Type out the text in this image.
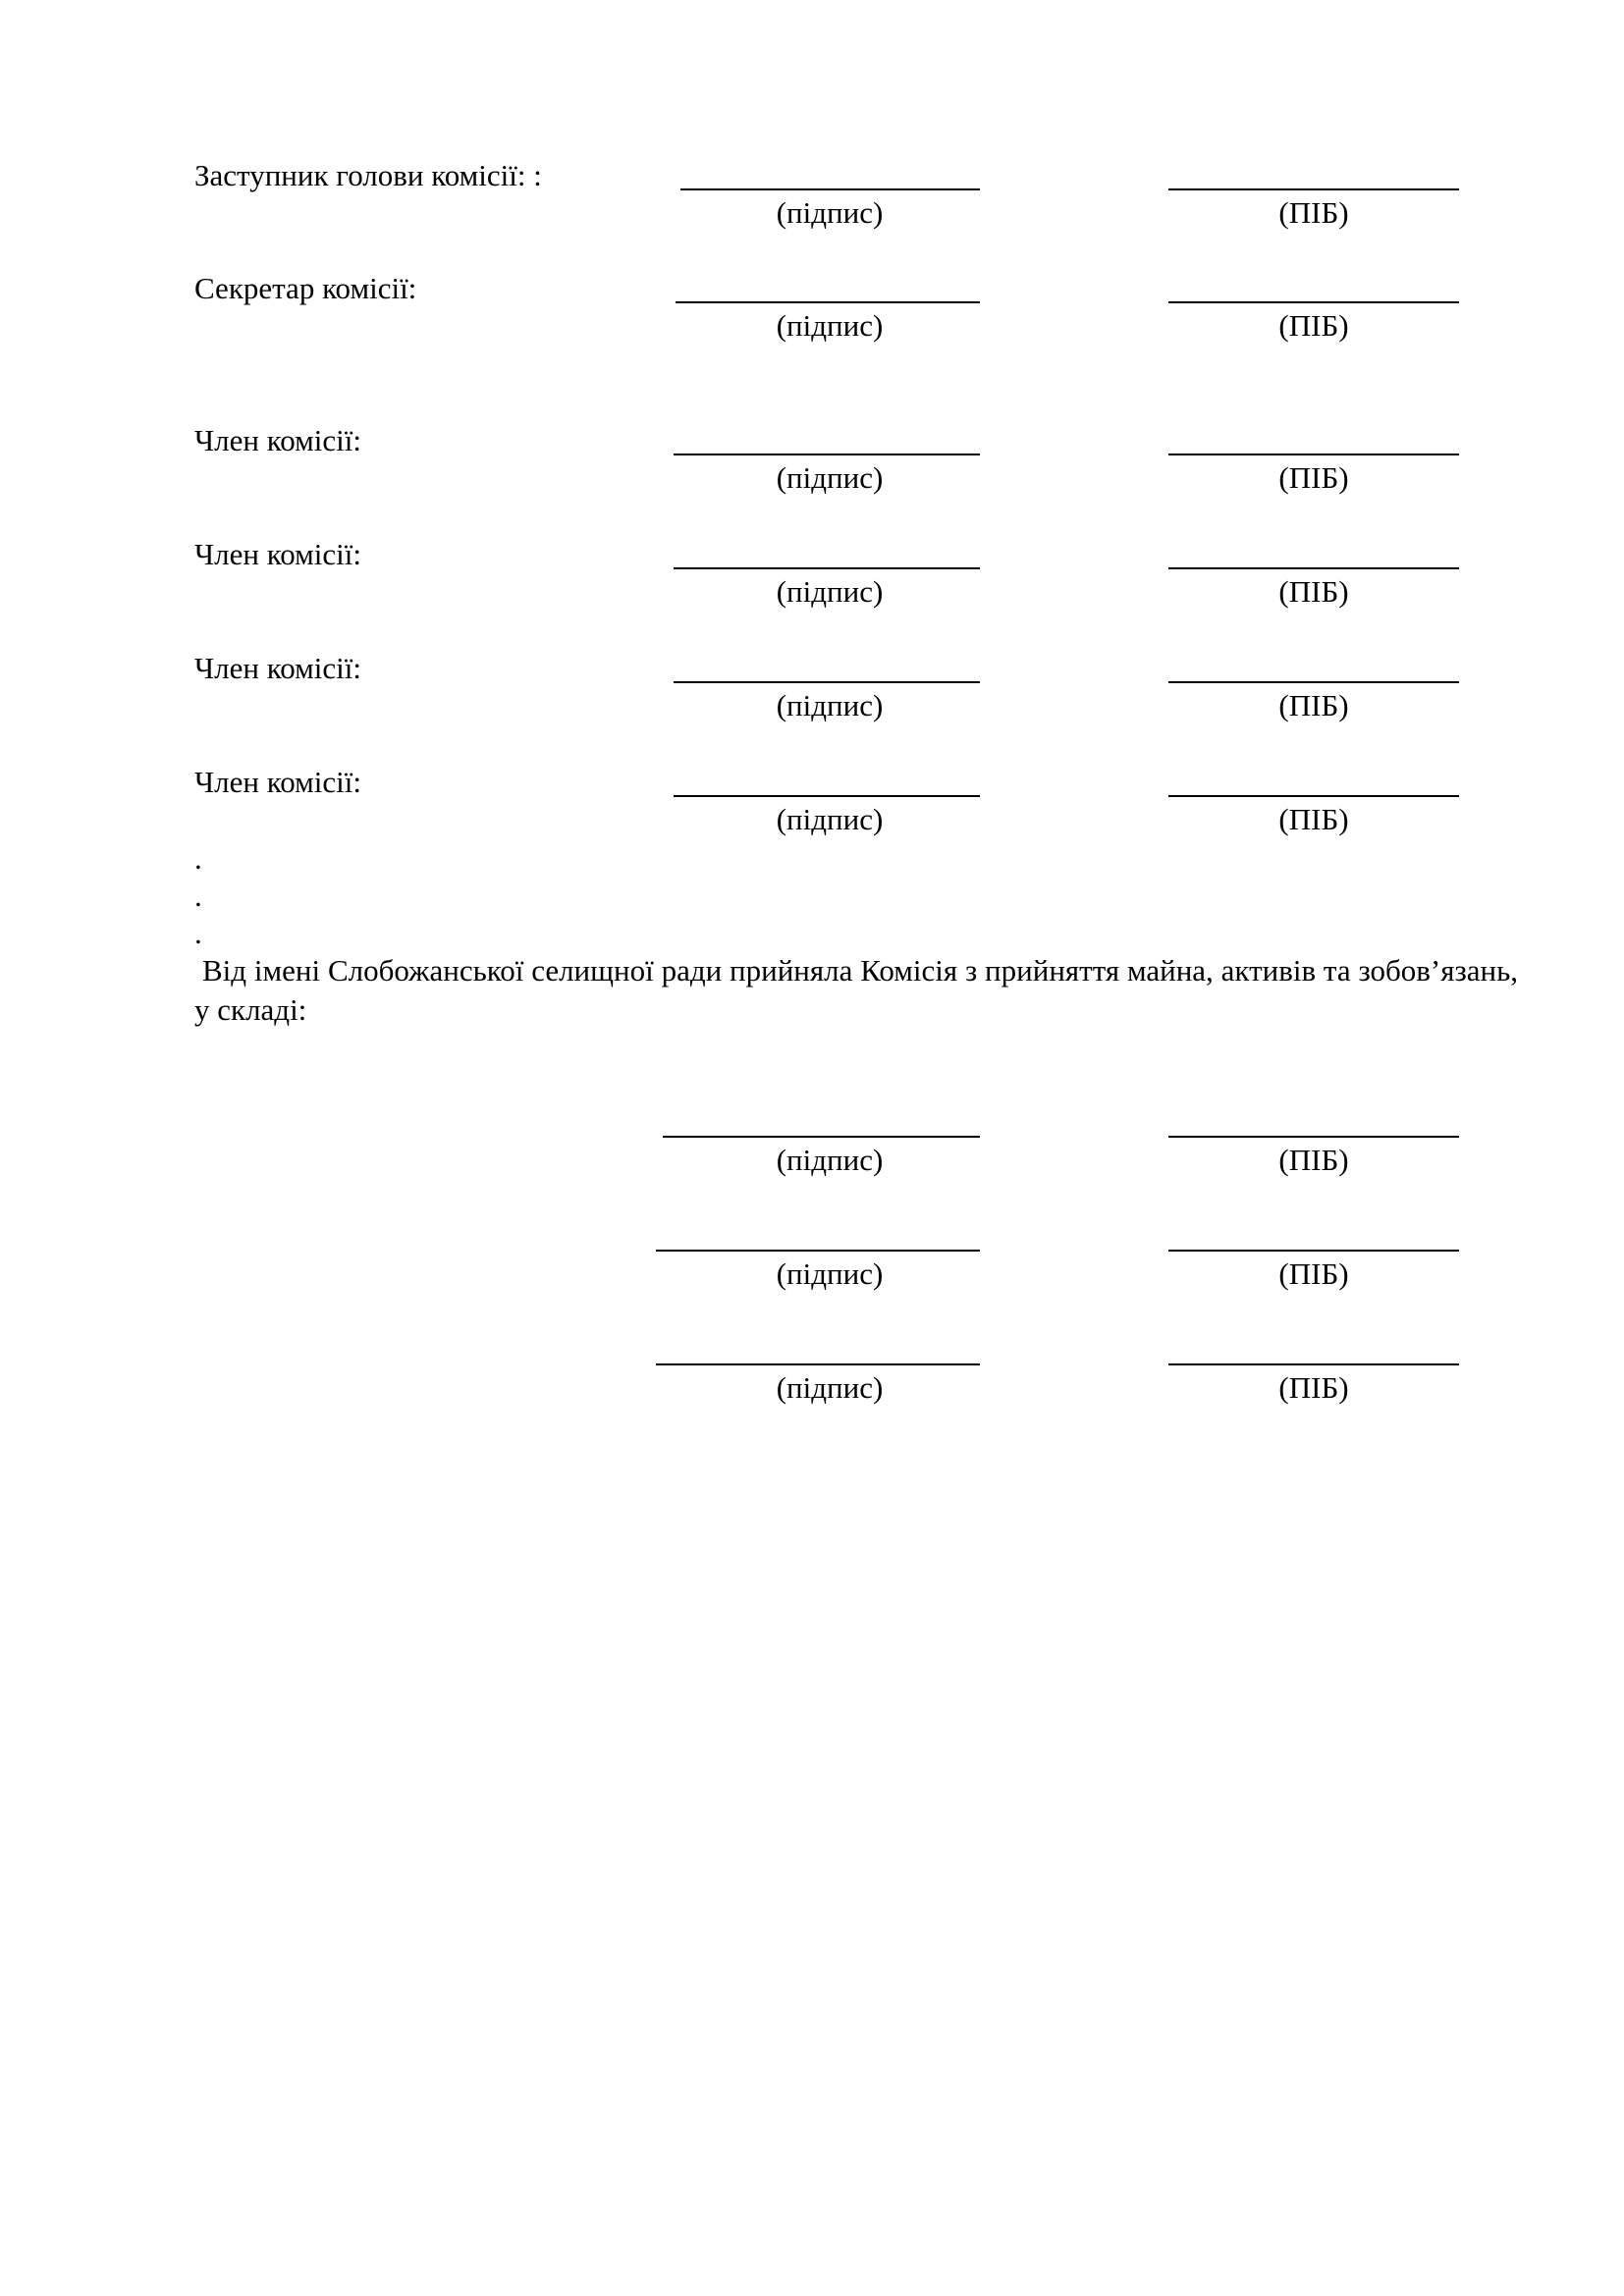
Заступник голови комісії: :
(підпис)	(ПІБ)
Секретар комісії:
(підпис)	(ПІБ)
Член комісії:
(підпис)	(ПІБ)
Член комісії:
(підпис)	(ПІБ)
Член комісії:
(підпис)	(ПІБ)
Член комісії:
(підпис)	(ПІБ)
.
.
.

Від імені Слобожанської селищної ради прийняла Комісія з прийняття майна, активів та зобов’язань, у складі:

(підпис)	(ПІБ)
(підпис)	(ПІБ)
(підпис)	(ПІБ)
